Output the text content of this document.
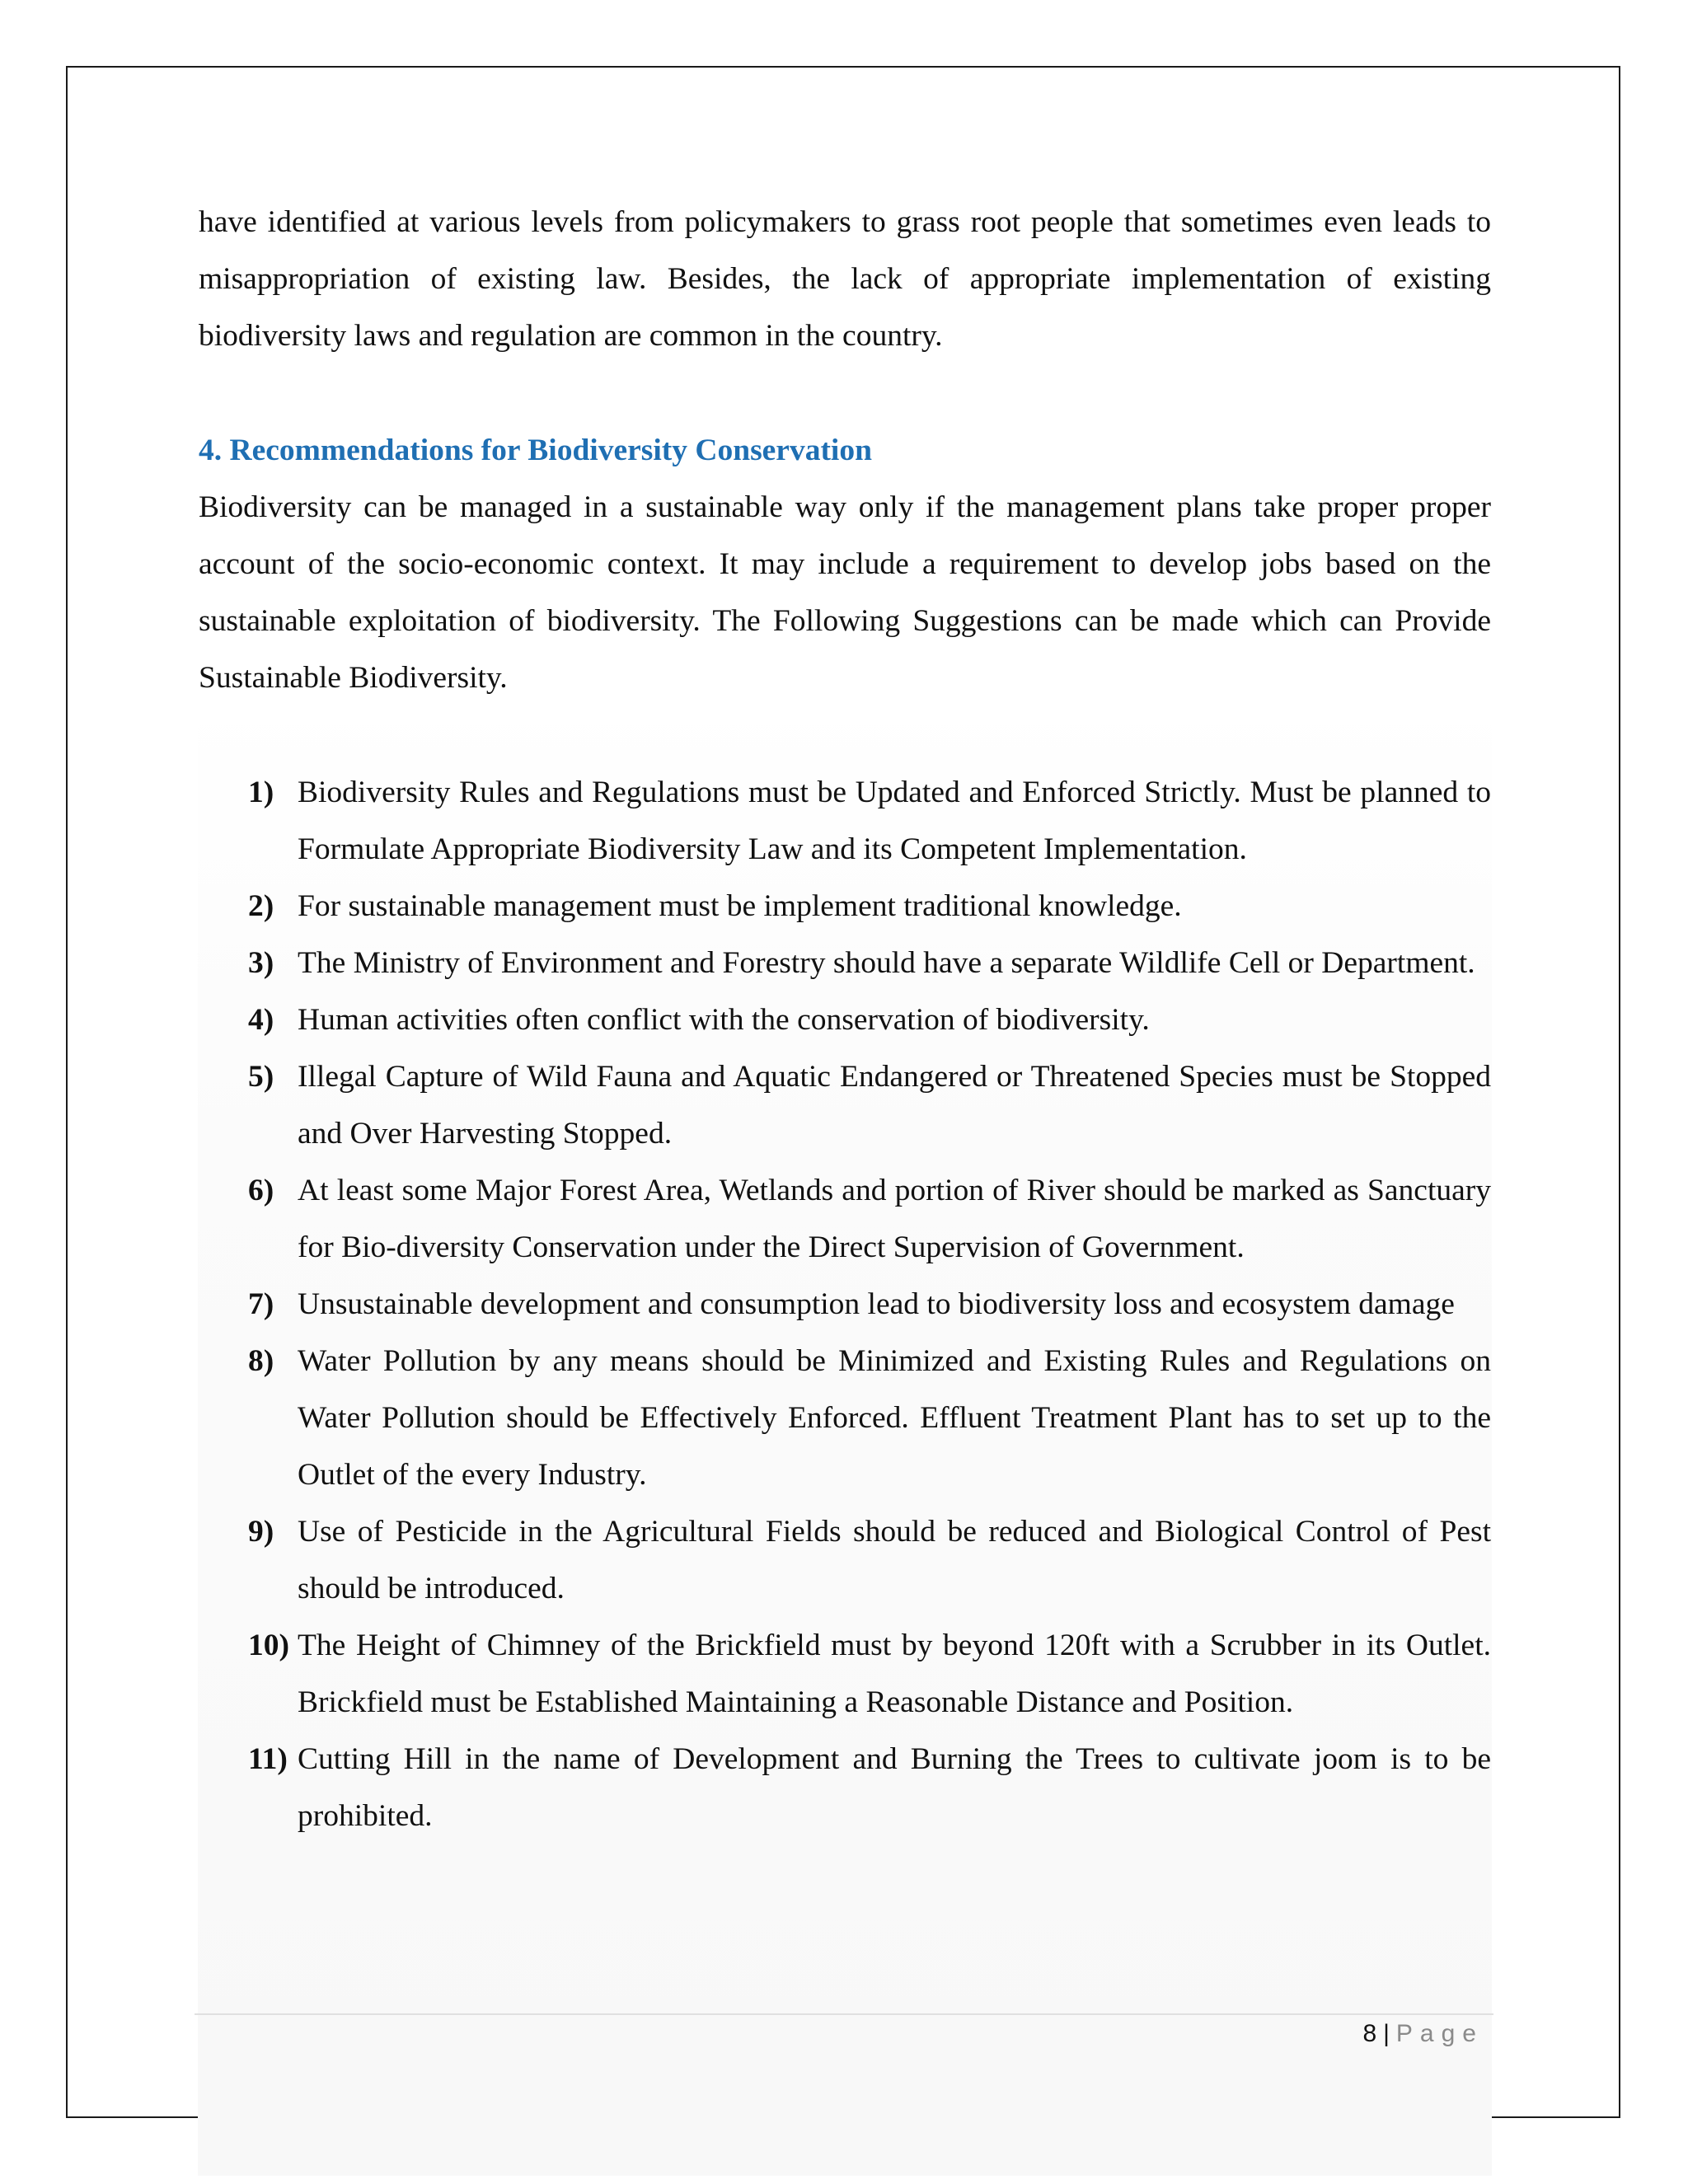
have identified at various levels from policymakers to grass root people that sometimes even leads to misappropriation of existing law. Besides, the lack of appropriate implementation of existing biodiversity laws and regulation are common in the country.

4. Recommendations for Biodiversity Conservation

Biodiversity can be managed in a sustainable way only if the management plans take proper proper account of the socio-economic context. It may include a requirement to develop jobs based on the sustainable exploitation of biodiversity. The Following Suggestions can be made which can Provide Sustainable Biodiversity.

1) Biodiversity Rules and Regulations must be Updated and Enforced Strictly. Must be planned to Formulate Appropriate Biodiversity Law and its Competent Implementation.
2) For sustainable management must be implement traditional knowledge.
3) The Ministry of Environment and Forestry should have a separate Wildlife Cell or Department.
4) Human activities often conflict with the conservation of biodiversity.
5) Illegal Capture of Wild Fauna and Aquatic Endangered or Threatened Species must be Stopped and Over Harvesting Stopped.
6) At least some Major Forest Area, Wetlands and portion of River should be marked as Sanctuary for Bio-diversity Conservation under the Direct Supervision of Government.
7) Unsustainable development and consumption lead to biodiversity loss and ecosystem damage
8) Water Pollution by any means should be Minimized and Existing Rules and Regulations on Water Pollution should be Effectively Enforced. Effluent Treatment Plant has to set up to the Outlet of the every Industry.
9) Use of Pesticide in the Agricultural Fields should be reduced and Biological Control of Pest should be introduced.
10) The Height of Chimney of the Brickfield must by beyond 120ft with a Scrubber in its Outlet. Brickfield must be Established Maintaining a Reasonable Distance and Position.
11) Cutting Hill in the name of Development and Burning the Trees to cultivate joom is to be prohibited.
8 | Page
